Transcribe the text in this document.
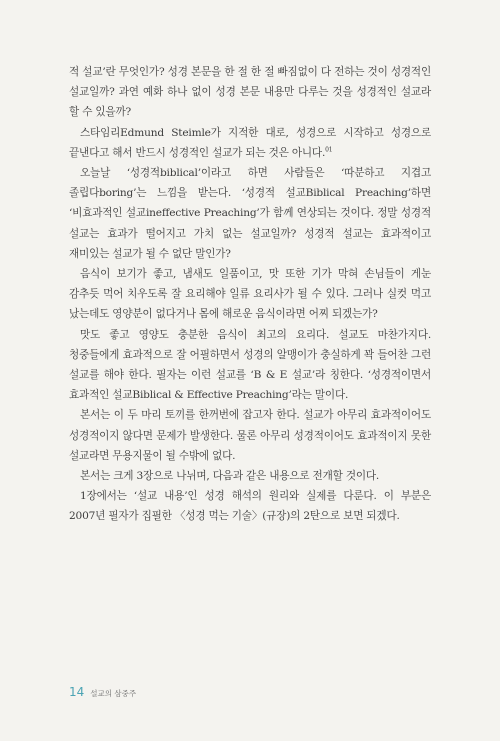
적 설교’란 무엇인가? 성경 본문을 한 절 한 절 빠짐없이 다 전하는 것이 성경적인 설교일까? 과연 예화 하나 없이 성경 본문 내용만 다루는 것을 성경적인 설교라 할 수 있을까?

스타임리Edmund Steimle가 지적한 대로, 성경으로 시작하고 성경으로 끝낸다고 해서 반드시 성경적인 설교가 되는 것은 아니다.$^{01}$

오늘날 ‘성경적biblical’이라고 하면 사람들은 ‘따분하고 지겹고 졸립다boring’는 느낌을 받는다. ‘성경적 설교Biblical Preaching’하면 ‘비효과적인 설교ineffective Preaching’가 함께 연상되는 것이다. 정말 성경적 설교는 효과가 떨어지고 가치 없는 설교일까? 성경적 설교는 효과적이고 재미있는 설교가 될 수 없단 말인가?

음식이 보기가 좋고, 냄새도 일품이고, 맛 또한 기가 막혀 손님들이 게눈 감추듯 먹어 치우도록 잘 요리해야 일류 요리사가 될 수 있다. 그러나 실컷 먹고 났는데도 영양분이 없다거나 몸에 해로운 음식이라면 어찌 되겠는가?

맛도 좋고 영양도 충분한 음식이 최고의 요리다. 설교도 마찬가지다. 청중들에게 효과적으로 잘 어필하면서 성경의 알맹이가 충실하게 꽉 들어찬 그런 설교를 해야 한다. 필자는 이런 설교를 ‘B & E 설교’라 칭한다. ‘성경적이면서 효과적인 설교Biblical & Effective Preaching’라는 말이다.

본서는 이 두 마리 토끼를 한꺼번에 잡고자 한다. 설교가 아무리 효과적이어도 성경적이지 않다면 문제가 발생한다. 물론 아무리 성경적이어도 효과적이지 못한 설교라면 무용지물이 될 수밖에 없다.

본서는 크게 3장으로 나뉘며, 다음과 같은 내용으로 전개할 것이다.

1장에서는 ‘설교 내용’인 성경 해석의 원리와 실제를 다룬다. 이 부분은 2007년 필자가 집필한 〈성경 먹는 기술〉(규장)의 2탄으로 보면 되겠다.

14 설교의 삼중주
